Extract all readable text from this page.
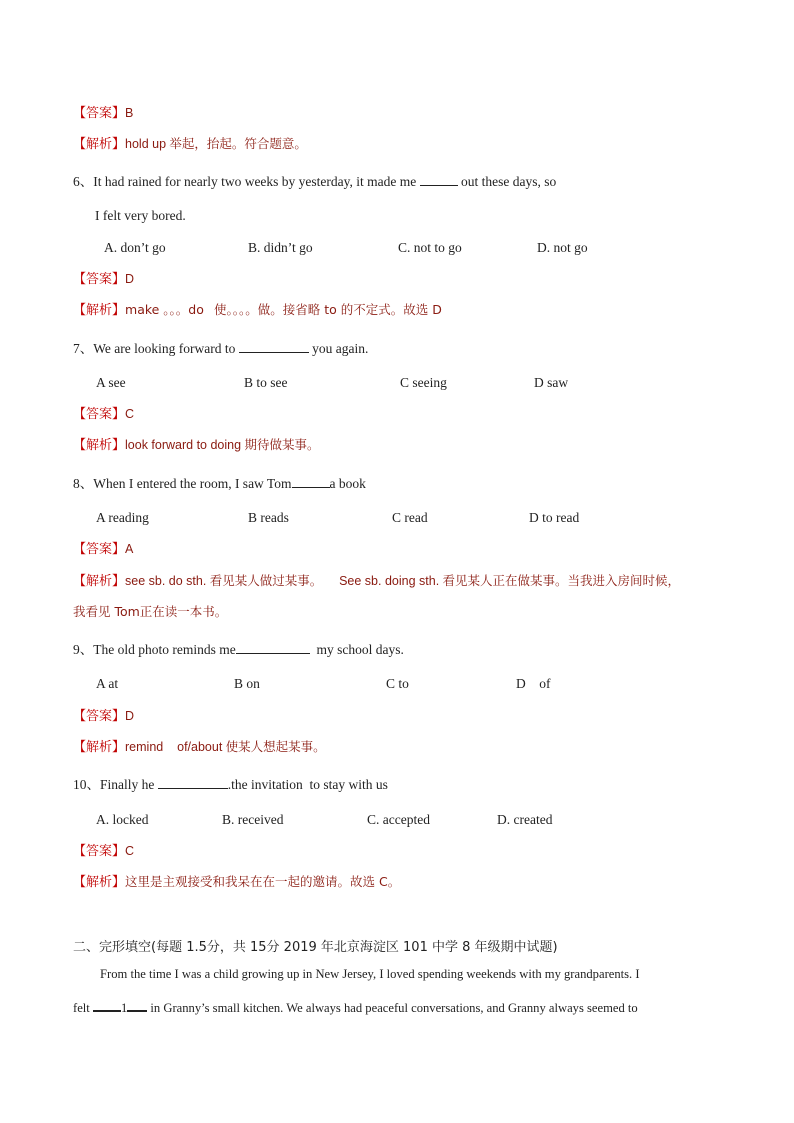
【答案】B
【解析】hold up 举起，抬起。符合题意。
6、It had rained for nearly two weeks by yesterday, it made me	out these days, so
I felt very bored.
A. don’t go	B. didn’t go	C. not to go	D. not go
【答案】D
【解析】make 。。。do 使。。。。做。接省略 to 的不定式。故选 D
7、We are looking forward to	you again.
A see	B to see	C seeing	D saw
【答案】C
【解析】look forward to doing 期待做某事。
8、When I entered the room, I saw Tom	a book
A reading	B reads	C read	D to read
【答案】A
【解析】see sb. do sth. 看见某人做过某事。 See sb. doing sth. 看见某人正在做某事。当我进入房间时候，
我看见 Tom正在读一本书。
9、The old photo reminds me	my school days.
A at	B on	C to	D    of
【答案】D
【解析】remind    of/about 使某人想起某事。
10、Finally he	.the invitation  to stay with us
A. locked	B. received	C. accepted	D. created
【答案】C
【解析】这里是主观接受和我呆在在一起的邀请。故选 C。
二、完形填空(每题 1.5分，共 15分 2019 年北京海淀区 101 中学 8 年级期中试题)
From the time I was a child growing up in New Jersey, I loved spending weekends with my grandparents. I
felt 1 in Granny’s small kitchen. We always had peaceful conversations, and Granny always seemed to
